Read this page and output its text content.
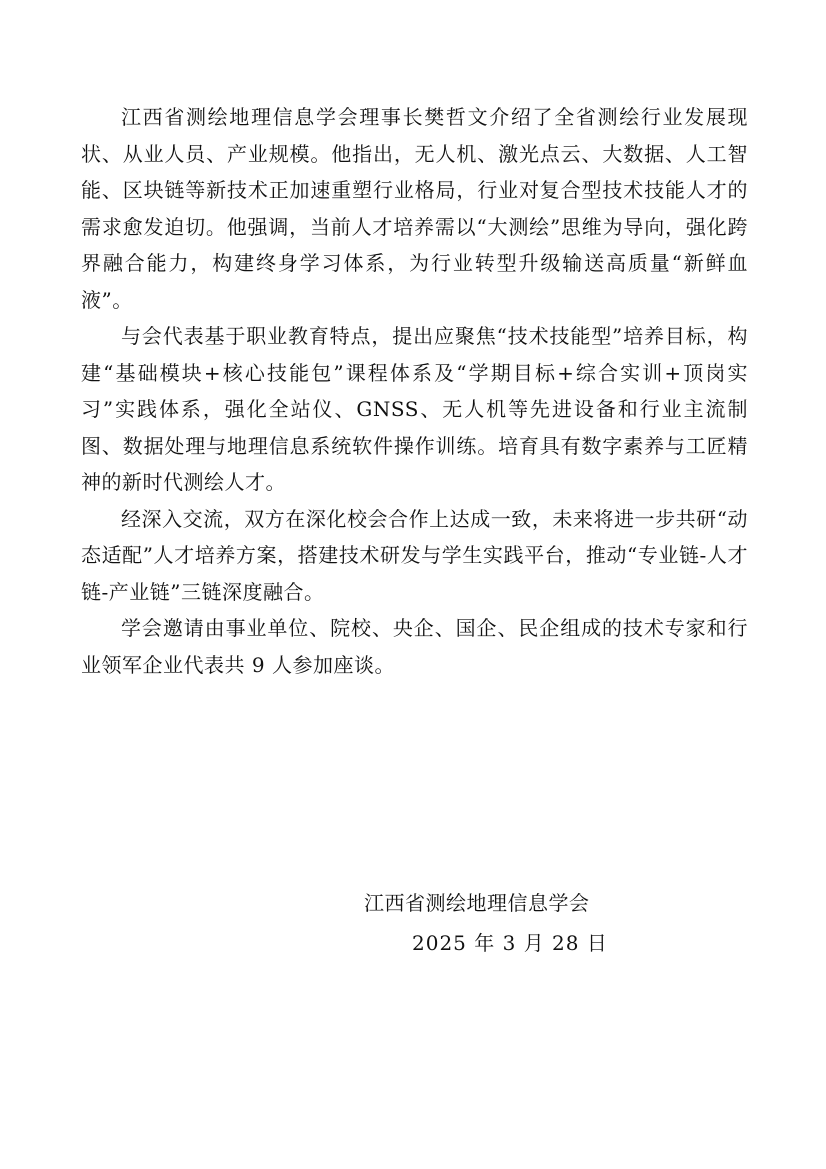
江西省测绘地理信息学会理事长樊哲文介绍了全省测绘行业发展现状、从业人员、产业规模。他指出，无人机、激光点云、大数据、人工智能、区块链等新技术正加速重塑行业格局，行业对复合型技术技能人才的需求愈发迫切。他强调，当前人才培养需以“大测绘”思维为导向，强化跨界融合能力，构建终身学习体系，为行业转型升级输送高质量“新鲜血液”。

与会代表基于职业教育特点，提出应聚焦“技术技能型”培养目标，构建“基础模块+核心技能包”课程体系及“学期目标+综合实训+顶岗实习”实践体系，强化全站仪、GNSS、无人机等先进设备和行业主流制图、数据处理与地理信息系统软件操作训练。培育具有数字素养与工匠精神的新时代测绘人才。

经深入交流，双方在深化校会合作上达成一致，未来将进一步共研“动态适配”人才培养方案，搭建技术研发与学生实践平台，推动“专业链-人才链-产业链”三链深度融合。

学会邀请由事业单位、院校、央企、国企、民企组成的技术专家和行业领军企业代表共 9 人参加座谈。

江西省测绘地理信息学会
2025 年 3 月 28 日
